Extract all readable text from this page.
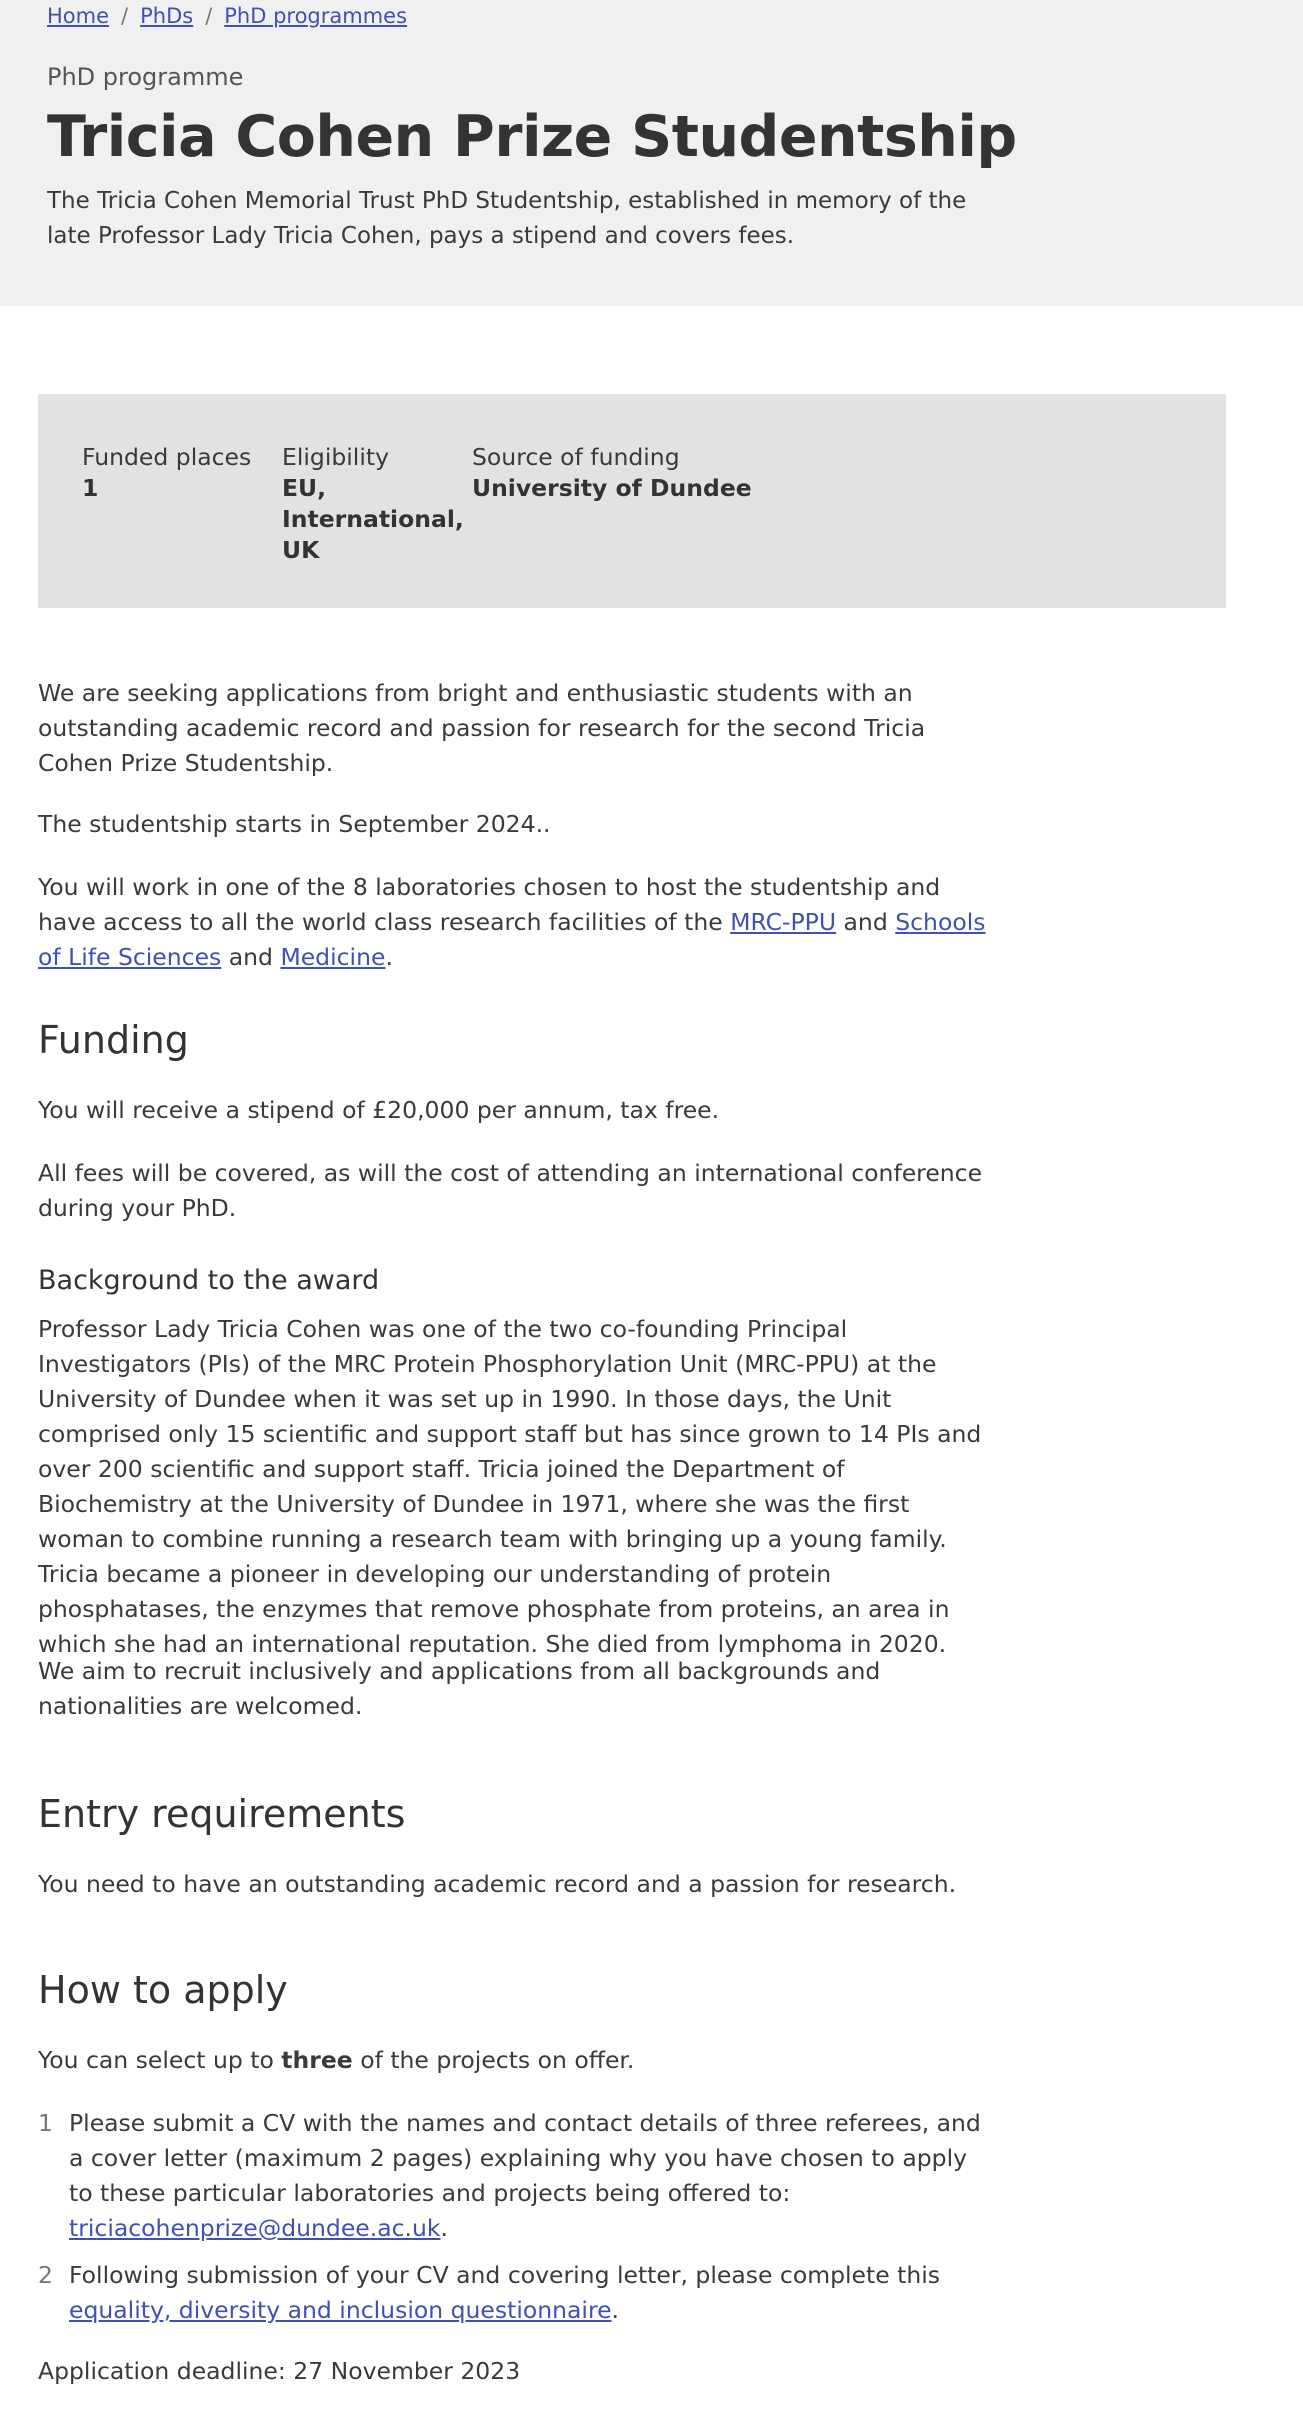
Home / PhDs / PhD programmes
PhD programme
Tricia Cohen Prize Studentship

The Tricia Cohen Memorial Trust PhD Studentship, established in memory of the late Professor Lady Tricia Cohen, pays a stipend and covers fees.

Funded places
1
Eligibility
EU, International, UK
Source of funding
University of Dundee

We are seeking applications from bright and enthusiastic students with an outstanding academic record and passion for research for the second Tricia Cohen Prize Studentship.

The studentship starts in September 2024..

You will work in one of the 8 laboratories chosen to host the studentship and have access to all the world class research facilities of the MRC-PPU and Schools of Life Sciences and Medicine.

Funding

You will receive a stipend of £20,000 per annum, tax free.

All fees will be covered, as will the cost of attending an international conference during your PhD.

Background to the award

Professor Lady Tricia Cohen was one of the two co-founding Principal Investigators (PIs) of the MRC Protein Phosphorylation Unit (MRC-PPU) at the University of Dundee when it was set up in 1990. In those days, the Unit comprised only 15 scientific and support staff but has since grown to 14 PIs and over 200 scientific and support staff. Tricia joined the Department of Biochemistry at the University of Dundee in 1971, where she was the first woman to combine running a research team with bringing up a young family. Tricia became a pioneer in developing our understanding of protein phosphatases, the enzymes that remove phosphate from proteins, an area in which she had an international reputation. She died from lymphoma in 2020.

We aim to recruit inclusively and applications from all backgrounds and nationalities are welcomed.

Entry requirements

You need to have an outstanding academic record and a passion for research.

How to apply

You can select up to three of the projects on offer.

1 Please submit a CV with the names and contact details of three referees, and a cover letter (maximum 2 pages) explaining why you have chosen to apply to these particular laboratories and projects being offered to: triciacohenprize@dundee.ac.uk.
2 Following submission of your CV and covering letter, please complete this equality, diversity and inclusion questionnaire.

Application deadline: 27 November 2023
